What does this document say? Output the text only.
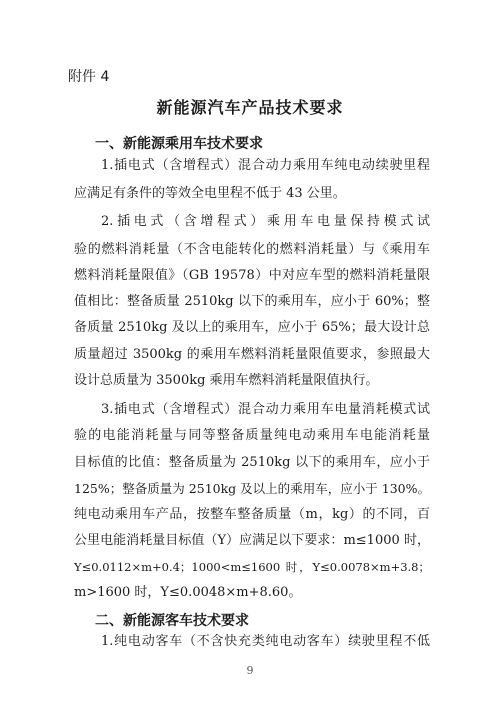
附件 4
新能源汽车产品技术要求
一、新能源乘用车技术要求
1.插电式（含增程式）混合动力乘用车纯电动续驶里程
应满足有条件的等效全电里程不低于 43 公里。
2.插电式（含增程式）乘用车电量保持模式试
验的燃料消耗量（不含电能转化的燃料消耗量）与《乘用车
燃料消耗量限值》（GB 19578）中对应车型的燃料消耗量限
值相比：整备质量 2510kg 以下的乘用车，应小于 60%；整
备质量 2510kg 及以上的乘用车，应小于 65%；最大设计总
质量超过 3500kg 的乘用车燃料消耗量限值要求，参照最大
设计总质量为 3500kg 乘用车燃料消耗量限值执行。
3.插电式（含增程式）混合动力乘用车电量消耗模式试
验的电能消耗量与同等整备质量纯电动乘用车电能消耗量
目标值的比值：整备质量为 2510kg 以下的乘用车，应小于
125%；整备质量为 2510kg 及以上的乘用车，应小于 130%。
纯电动乘用车产品，按整车整备质量（m，kg）的不同，百
公里电能消耗量目标值（Y）应满足以下要求：m≤1000 时，
Y≤0.0112×m+0.4；1000<m≤1600 时，Y≤0.0078×m+3.8；
m>1600 时，Y≤0.0048×m+8.60。
二、新能源客车技术要求
1.纯电动客车（不含快充类纯电动客车）续驶里程不低
9
